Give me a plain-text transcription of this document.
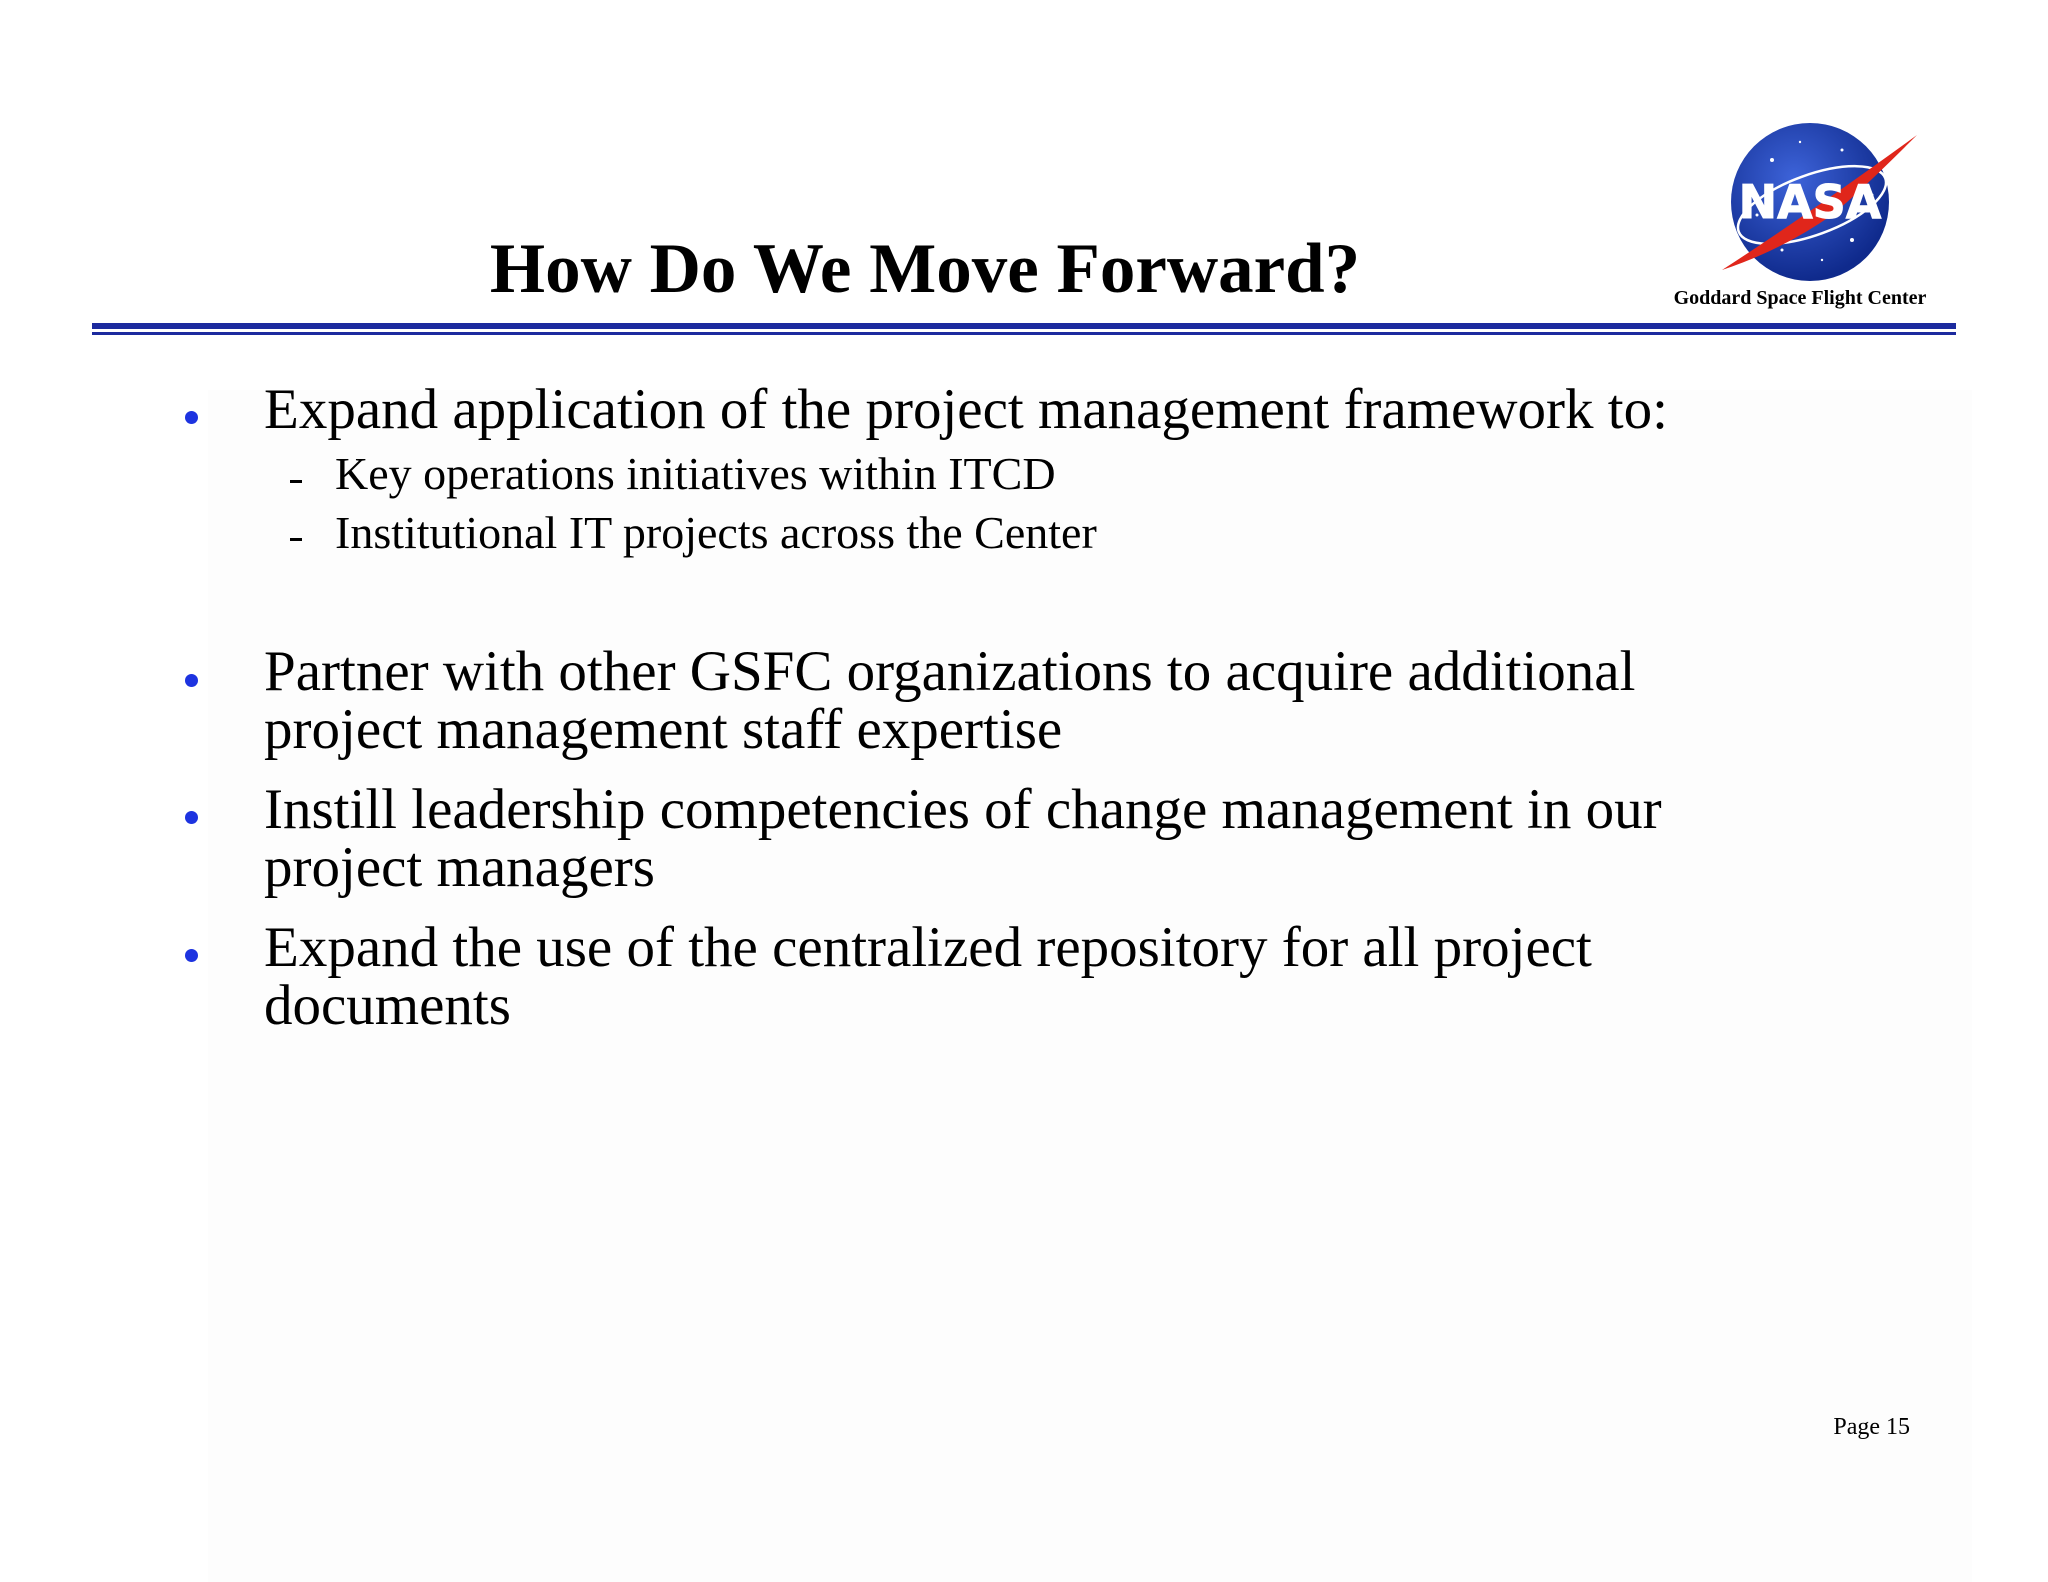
How Do We Move Forward?
NASA
Goddard Space Flight Center
Expand application of the project management framework to:
Key operations initiatives within ITCD
Institutional IT projects across the Center
Partner with other GSFC organizations to acquire additional
project management staff expertise
Instill leadership competencies of change management in our
project managers
Expand the use of the centralized repository for all project
documents
Page 15
